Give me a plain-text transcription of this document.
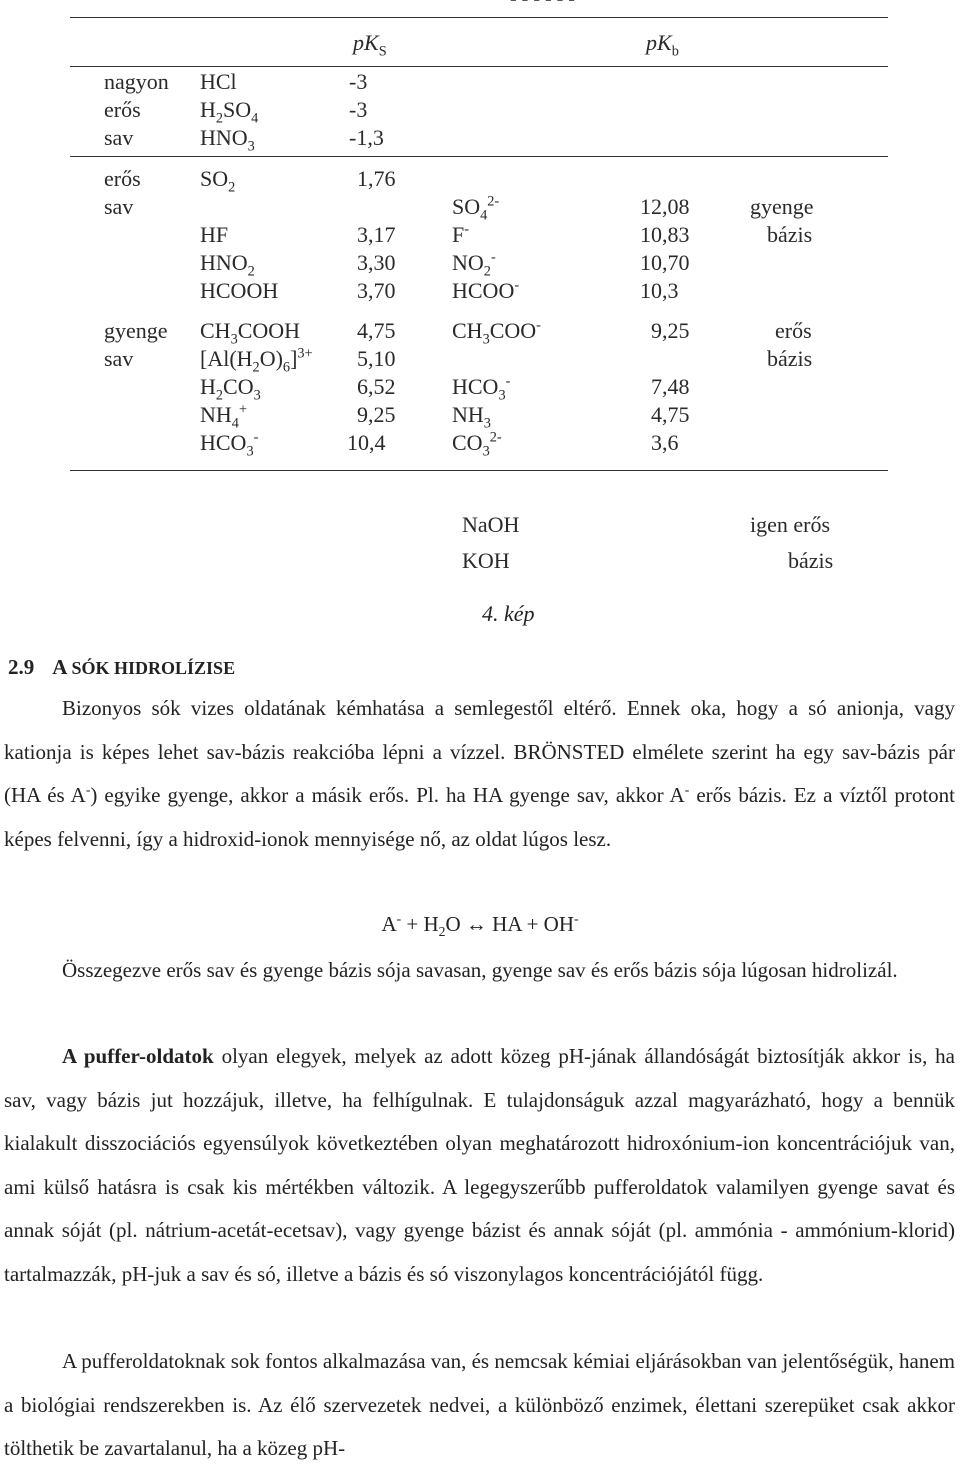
$pK_S$	$pK_b$
nagyon
erős
sav
HCl
$H_2SO_4$
$HNO_3$
-3
-3
-1,3
erős
sav
$SO_2$
HF
$HNO_2$
HCOOH
1,76
3,17
3,30
3,70
$SO_4^{2-}$
F-
$NO_2^-$
HCOO-
12,08
10,83
10,70
10,3
gyenge
bázis
gyenge
sav
$CH_3COOH$
$[Al(H_2O)_6]^{3+}$
$H_2CO_3$
$NH_4^+$
$HCO_3^-$
4,75
5,10
6,52
9,25
10,4
$CH_3COO^-$
$HCO_3^-$
$NH_3$
$CO_3^{2-}$
9,25
7,48
4,75
3,6
erős
bázis
NaOH
KOH
igen erős
bázis
4. kép
2.9 A SÓK HIDROLÍZISE
Bizonyos sók vizes oldatának kémhatása a semlegestől eltérő. Ennek oka, hogy a só anionja, vagy kationja is képes lehet sav-bázis reakcióba lépni a vízzel. BRÖNSTED elmélete szerint ha egy sav-bázis pár (HA és A-) egyike gyenge, akkor a másik erős. Pl. ha HA gyenge sav, akkor A- erős bázis. Ez a víztől protont képes felvenni, így a hidroxid-ionok mennyisége nő, az oldat lúgos lesz.
$A^- + H_2O$ ↔ HA + OH-
Összegezve erős sav és gyenge bázis sója savasan, gyenge sav és erős bázis sója lúgosan hidrolizál.
A puffer-oldatok olyan elegyek, melyek az adott közeg pH-jának állandóságát biztosítják akkor is, ha sav, vagy bázis jut hozzájuk, illetve, ha felhígulnak. E tulajdonságuk azzal magyarázható, hogy a bennük kialakult disszociációs egyensúlyok következtében olyan meghatározott hidroxónium-ion koncentrációjuk van, ami külső hatásra is csak kis mértékben változik. A legegyszerűbb pufferoldatok valamilyen gyenge savat és annak sóját (pl. nátrium-acetát-ecetsav), vagy gyenge bázist és annak sóját (pl. ammónia - ammónium-klorid) tartalmazzák, pH-juk a sav és só, illetve a bázis és só viszonylagos koncentrációjától függ.
A pufferoldatoknak sok fontos alkalmazása van, és nemcsak kémiai eljárásokban van jelentőségük, hanem a biológiai rendszerekben is. Az élő szervezetek nedvei, a különböző enzimek, élettani szerepüket csak akkor tölthetik be zavartalanul, ha a közeg pH-
